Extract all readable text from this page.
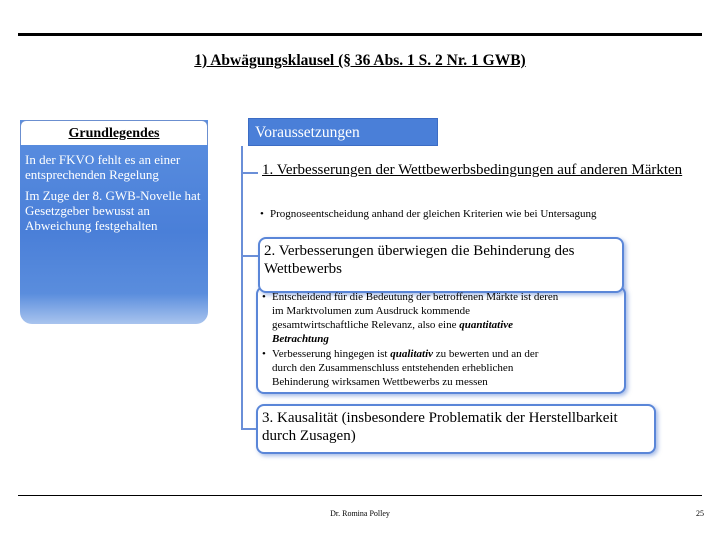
1) Abwägungsklausel (§ 36 Abs. 1 S. 2 Nr. 1 GWB)
Grundlegendes

In der FKVO fehlt es an einer entsprechenden Regelung

Im Zuge der 8. GWB-Novelle hat Gesetzgeber bewusst an Abweichung festgehalten

Voraussetzungen
1. Verbesserungen der Wettbewerbsbedingungen auf anderen Märkten
• Prognoseentscheidung anhand der gleichen Kriterien wie bei Untersagung
2. Verbesserungen überwiegen die Behinderung des Wettbewerbs
• Entscheidend für die Bedeutung der betroffenen Märkte ist deren
im Marktvolumen zum Ausdruck kommende
gesamtwirtschaftliche Relevanz, also eine quantitative
Betrachtung
• Verbesserung hingegen ist qualitativ zu bewerten und an der
durch den Zusammenschluss entstehenden erheblichen
Behinderung wirksamen Wettbewerbs zu messen
3. Kausalität (insbesondere Problematik der Herstellbarkeit durch Zusagen)
Dr. Romina Polley	25
